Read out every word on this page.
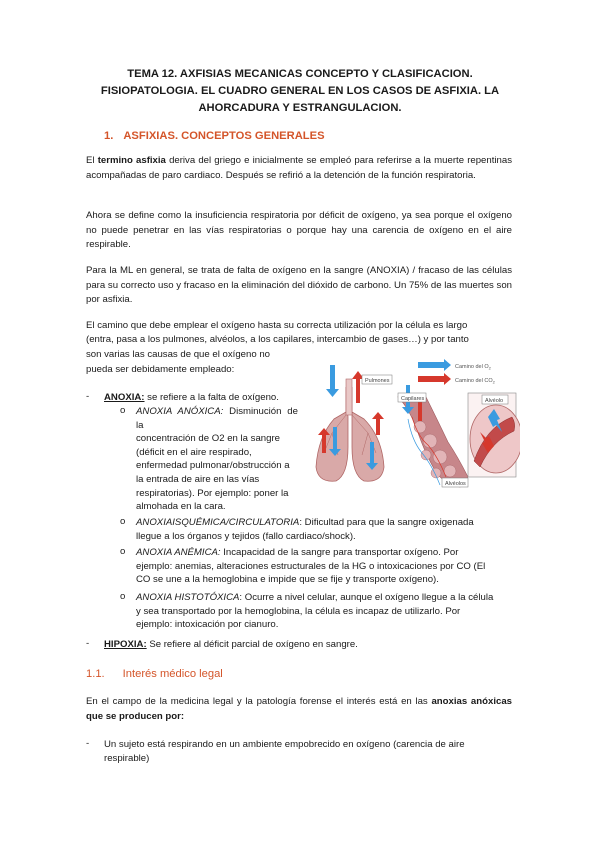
TEMA 12. AXFISIAS MECANICAS CONCEPTO Y CLASIFICACION.
FISIOPATOLOGIA. EL CUADRO GENERAL EN LOS CASOS DE ASFIXIA. LA
AHORCADURA Y ESTRANGULACION.
1. ASFIXIAS. CONCEPTOS GENERALES
El termino asfixia deriva del griego e inicialmente se empleó para referirse a la muerte repentinas acompañadas de paro cardiaco. Después se refirió a la detención de la función respiratoria.
Ahora se define como la insuficiencia respiratoria por déficit de oxígeno, ya sea porque el oxígeno no puede penetrar en las vías respiratorias o porque hay una carencia de oxígeno en el aire respirable.
Para la ML en general, se trata de falta de oxígeno en la sangre (ANOXIA) / fracaso de las células para su correcto uso y fracaso en la eliminación del dióxido de carbono. Un 75% de las muertes son por asfixia.
El camino que debe emplear el oxígeno hasta su correcta utilización por la célula es largo
(entra, pasa a los pulmones, alvéolos, a los capilares, intercambio de gases…) y por tanto
son varias las causas de que el oxígeno no
pueda ser debidamente empleado:
- ANOXIA: se refiere a la falta de oxígeno.
o ANOXIA ANÓXICA: Disminución de la
concentración de O2 en la sangre
(déficit en el aire respirado,
enfermedad pulmonar/obstrucción a
la entrada de aire en las vías
respiratorias). Por ejemplo: poner la
almohada en la cara.
o ANOXIAISQUÉMICA/CIRCULATORIA: Dificultad para que la sangre oxigenada
llegue a los órganos y tejidos (fallo cardiaco/shock).
o ANOXIA ANÉMICA: Incapacidad de la sangre para transportar oxígeno. Por
ejemplo: anemias, alteraciones estructurales de la HG o intoxicaciones por CO (El
CO se une a la hemoglobina e impide que se fije y transporte oxígeno).
o ANOXIA HISTOTÓXICA: Ocurre a nivel celular, aunque el oxígeno llegue a la célula
y sea transportado por la hemoglobina, la célula es incapaz de utilizarlo. Por
ejemplo: intoxicación por cianuro.
- HIPOXIA: Se refiere al déficit parcial de oxígeno en sangre.
1.1. Interés médico legal
En el campo de la medicina legal y la patología forense el interés está en las anoxias anóxicas que se producen por:
- Un sujeto está respirando en un ambiente empobrecido en oxígeno (carencia de aire
respirable)
Camino del $O_2$
Camino del $CO_2$
Pulmones
Capilares
Alvéolos
Alvéolo
